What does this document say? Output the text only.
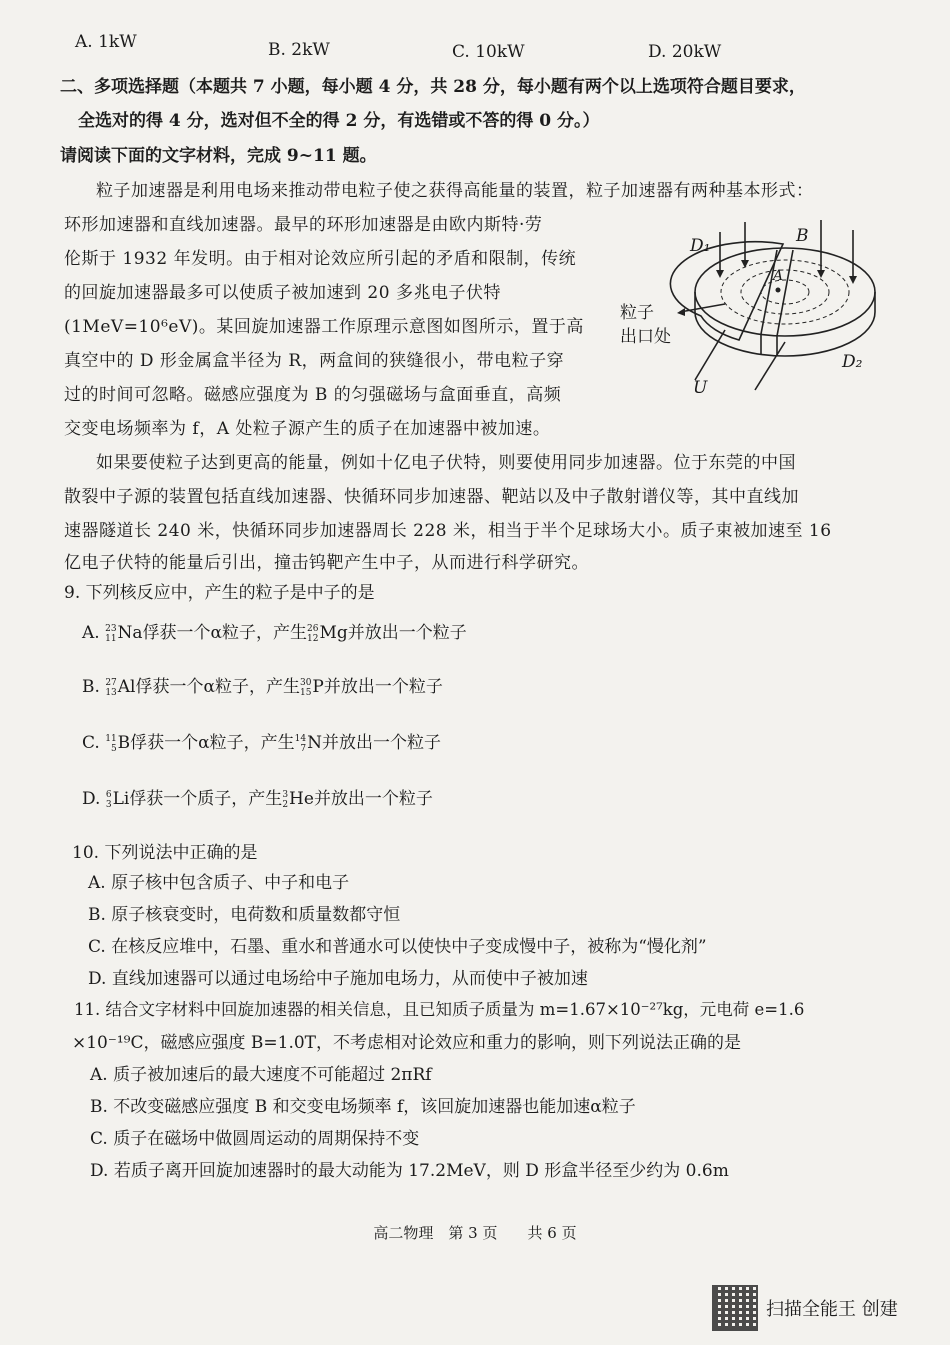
A. 1kW	B. 2kW	C. 10kW	D. 20kW
二、多项选择题（本题共 7 小题，每小题 4 分，共 28 分，每小题有两个以上选项符合题目要求，
全选对的得 4 分，选对但不全的得 2 分，有选错或不答的得 0 分。）
请阅读下面的文字材料，完成 9~11 题。
粒子加速器是利用电场来推动带电粒子使之获得高能量的装置，粒子加速器有两种基本形式：
环形加速器和直线加速器。最早的环形加速器是由欧内斯特·劳
伦斯于 1932 年发明。由于相对论效应所引起的矛盾和限制，传统
的回旋加速器最多可以使质子被加速到 20 多兆电子伏特
(1MeV=10⁶eV)。某回旋加速器工作原理示意图如图所示，置于高
真空中的 D 形金属盒半径为 R，两盒间的狭缝很小，带电粒子穿
过的时间可忽略。磁感应强度为 B 的匀强磁场与盒面垂直，高频
交变电场频率为 f，A 处粒子源产生的质子在加速器中被加速。
D₁	B
A
粒子
出口处
D₂
U
如果要使粒子达到更高的能量，例如十亿电子伏特，则要使用同步加速器。位于东莞的中国
散裂中子源的装置包括直线加速器、快循环同步加速器、靶站以及中子散射谱仪等，其中直线加
速器隧道长 240 米，快循环同步加速器周长 228 米，相当于半个足球场大小。质子束被加速至 16
亿电子伏特的能量后引出，撞击钨靶产生中子，从而进行科学研究。
9. 下列核反应中，产生的粒子是中子的是
A. 23
11 Na俘获一个α粒子，产生 26
12 Mg并放出一个粒子
B. 27
13 Al俘获一个α粒子，产生 30
15 P并放出一个粒子
C. 11
5 B俘获一个α粒子，产生 14
7 N并放出一个粒子
D. 6
3 Li俘获一个质子，产生 3
2 He并放出一个粒子
10. 下列说法中正确的是
A. 原子核中包含质子、中子和电子
B. 原子核衰变时，电荷数和质量数都守恒
C. 在核反应堆中，石墨、重水和普通水可以使快中子变成慢中子，被称为“慢化剂”
D. 直线加速器可以通过电场给中子施加电场力，从而使中子被加速
11. 结合文字材料中回旋加速器的相关信息，且已知质子质量为 m=1.67×10⁻²⁷kg，元电荷 e=1.6
×10⁻¹⁹C，磁感应强度 B=1.0T，不考虑相对论效应和重力的影响，则下列说法正确的是
A. 质子被加速后的最大速度不可能超过 2πRf
B. 不改变磁感应强度 B 和交变电场频率 f，该回旋加速器也能加速α粒子
C. 质子在磁场中做圆周运动的周期保持不变
D. 若质子离开回旋加速器时的最大动能为 17.2MeV，则 D 形盒半径至少约为 0.6m
高二物理　第 3 页　　共 6 页
扫描全能王 创建
